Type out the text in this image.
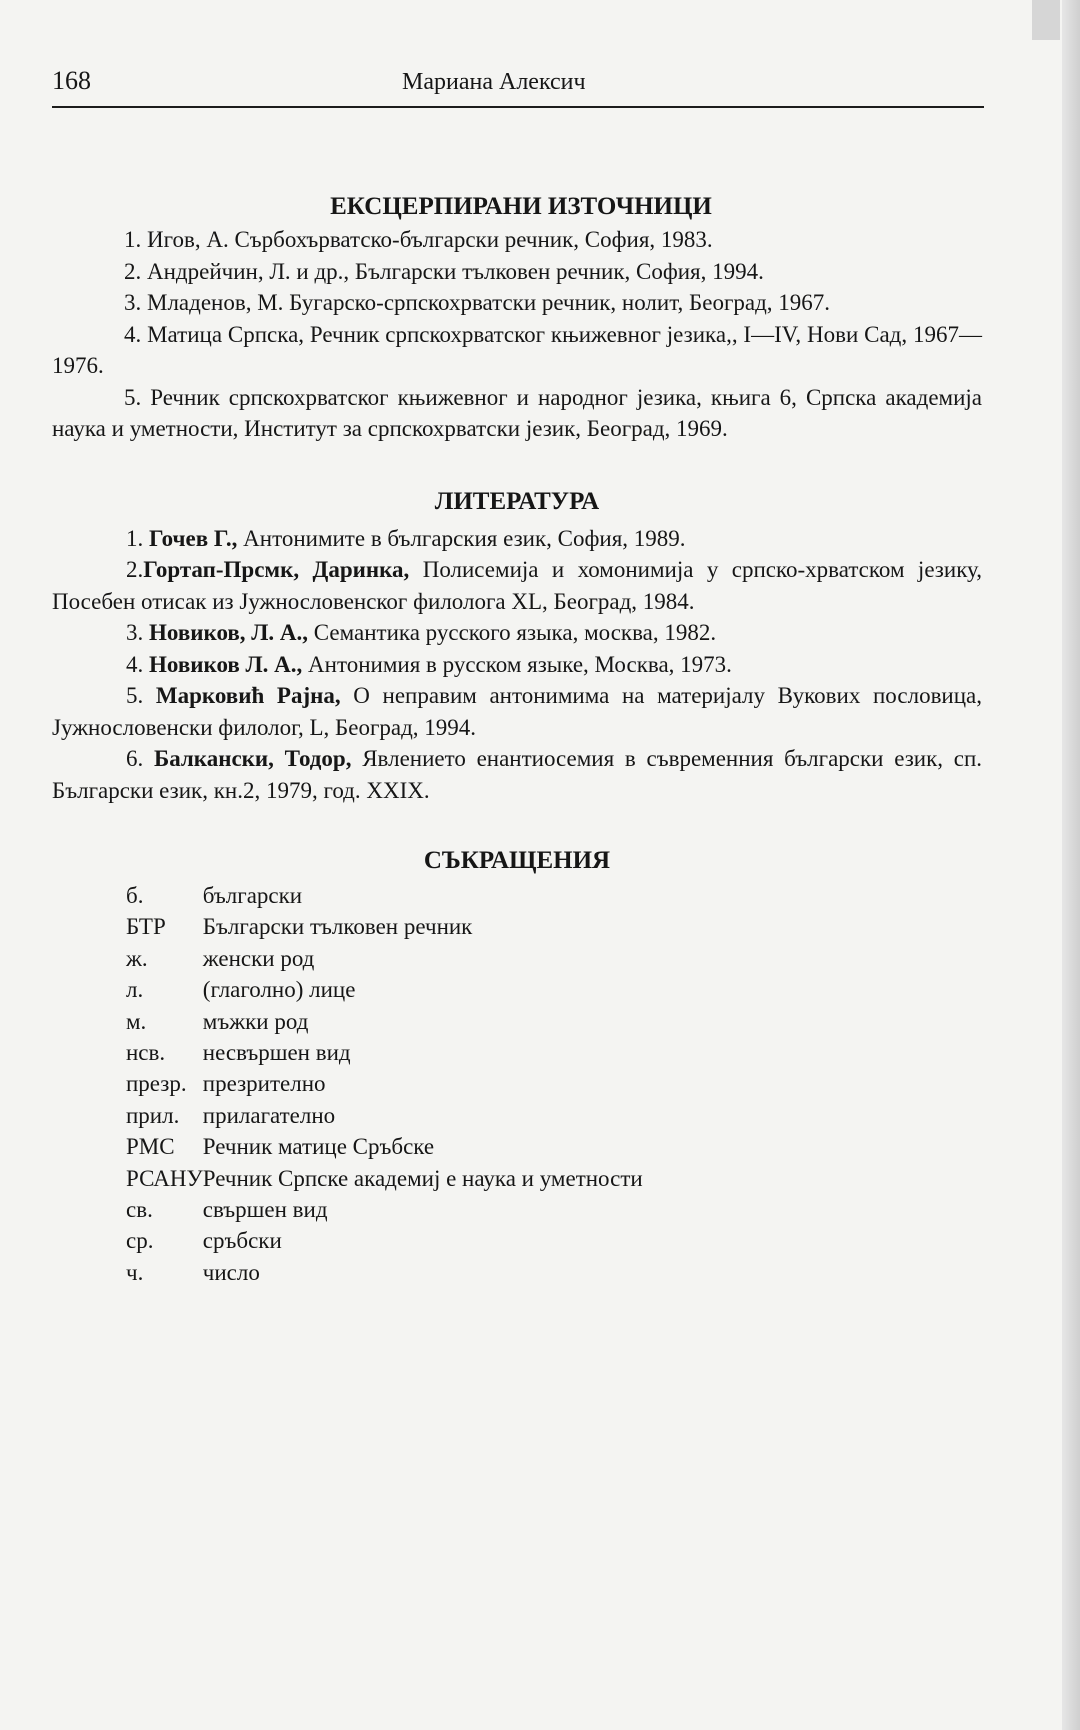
168	Мариана Алексич
ЕКСЦЕРПИРАНИ ИЗТОЧНИЦИ

1. Игов, А. Сърбохърватско-български речник, София, 1983.

2. Андрейчин, Л. и др., Български тълковен речник, София, 1994.

3. Младенов, М. Бугарско-српскохрватски речник, нолит, Београд, 1967.

4. Матица Српска, Речник српскохрватског књижевног језика,, I—IV, Нови Сад, 1967—1976.

5. Речник српскохрватског књижевног и народног језика, књига 6, Српска академија наука и уметности, Институт за српскохрватски језик, Београд, 1969.

ЛИТЕРАТУРА

1. Гочев Г., Антонимите в българския език, София, 1989.

2.Гортап-Прсмк, Даринка, Полисемија и хомонимија у српско-хрватском језику, Посебен отисак из Јужнословенског филолога XL, Београд, 1984.

3. Новиков, Л. А., Семантика русского языка, москва, 1982.

4. Новиков Л. А., Антонимия в русском языке, Москва, 1973.

5. Марковић Рајна, О неправим антонимима на материјалу Вукових пословица, Јужнословенски филолог, L, Београд, 1994.

6. Балкански, Тодор, Явлението енантиосемия в съвременния български език, сп. Български език, кн.2, 1979, год. XXIX.

СЪКРАЩЕНИЯ
б.	български
БТР	Български тълковен речник
ж.	женски род
л.	(глаголно) лице
м.	мъжки род
нсв.	несвършен вид
презр.	презрително
прил.	прилагателно
РМС	Речник матице Сръбске
РСАНУ	Речник Српске академиј е наука и уметности
св.	свършен вид
ср.	сръбски
ч.	число
